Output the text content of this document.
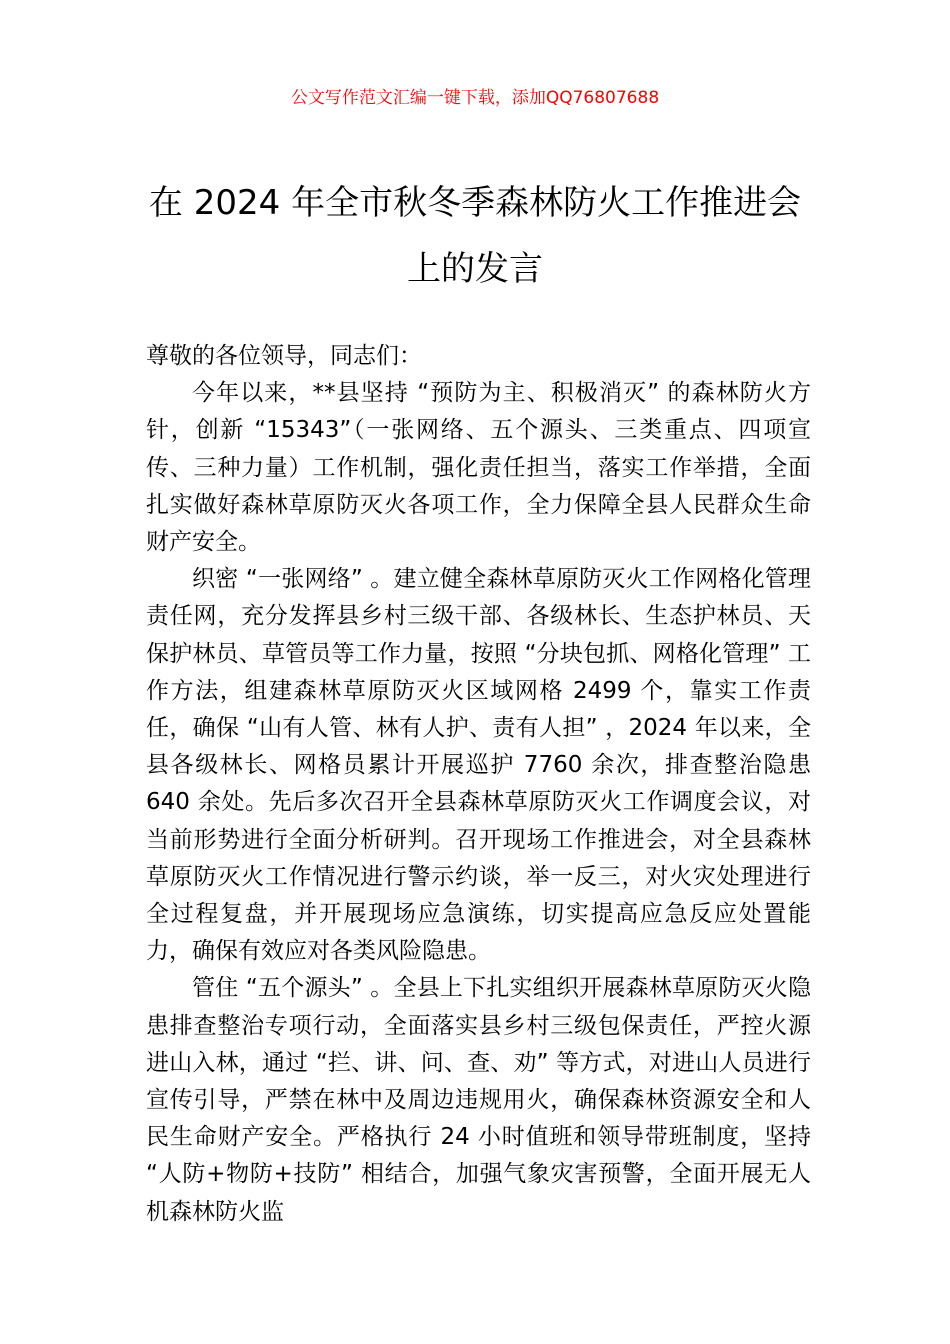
公文写作范文汇编一键下载，添加QQ76807688
在 2024 年全市秋冬季森林防火工作推进会
上的发言

尊敬的各位领导，同志们：

今年以来，**县坚持 “预防为主、积极消灭” 的森林防火方针，创新 “15343”（一张网络、五个源头、三类重点、四项宣传、三种力量）工作机制，强化责任担当，落实工作举措，全面扎实做好森林草原防灭火各项工作，全力保障全县人民群众生命财产安全。

织密 “一张网络” 。建立健全森林草原防灭火工作网格化管理责任网，充分发挥县乡村三级干部、各级林长、生态护林员、天保护林员、草管员等工作力量，按照 “分块包抓、网格化管理” 工作方法，组建森林草原防灭火区域网格 2499 个，靠实工作责任，确保 “山有人管、林有人护、责有人担” ，2024 年以来，全县各级林长、网格员累计开展巡护 7760 余次，排查整治隐患 640 余处。先后多次召开全县森林草原防灭火工作调度会议，对当前形势进行全面分析研判。召开现场工作推进会，对全县森林草原防灭火工作情况进行警示约谈，举一反三，对火灾处理进行全过程复盘，并开展现场应急演练，切实提高应急反应处置能力，确保有效应对各类风险隐患。

管住 “五个源头” 。全县上下扎实组织开展森林草原防灭火隐患排查整治专项行动，全面落实县乡村三级包保责任，严控火源进山入林，通过 “拦、讲、问、查、劝” 等方式，对进山人员进行宣传引导，严禁在林中及周边违规用火，确保森林资源安全和人民生命财产安全。严格执行 24 小时值班和领导带班制度，坚持 “人防+物防+技防” 相结合，加强气象灾害预警，全面开展无人机森林防火监
